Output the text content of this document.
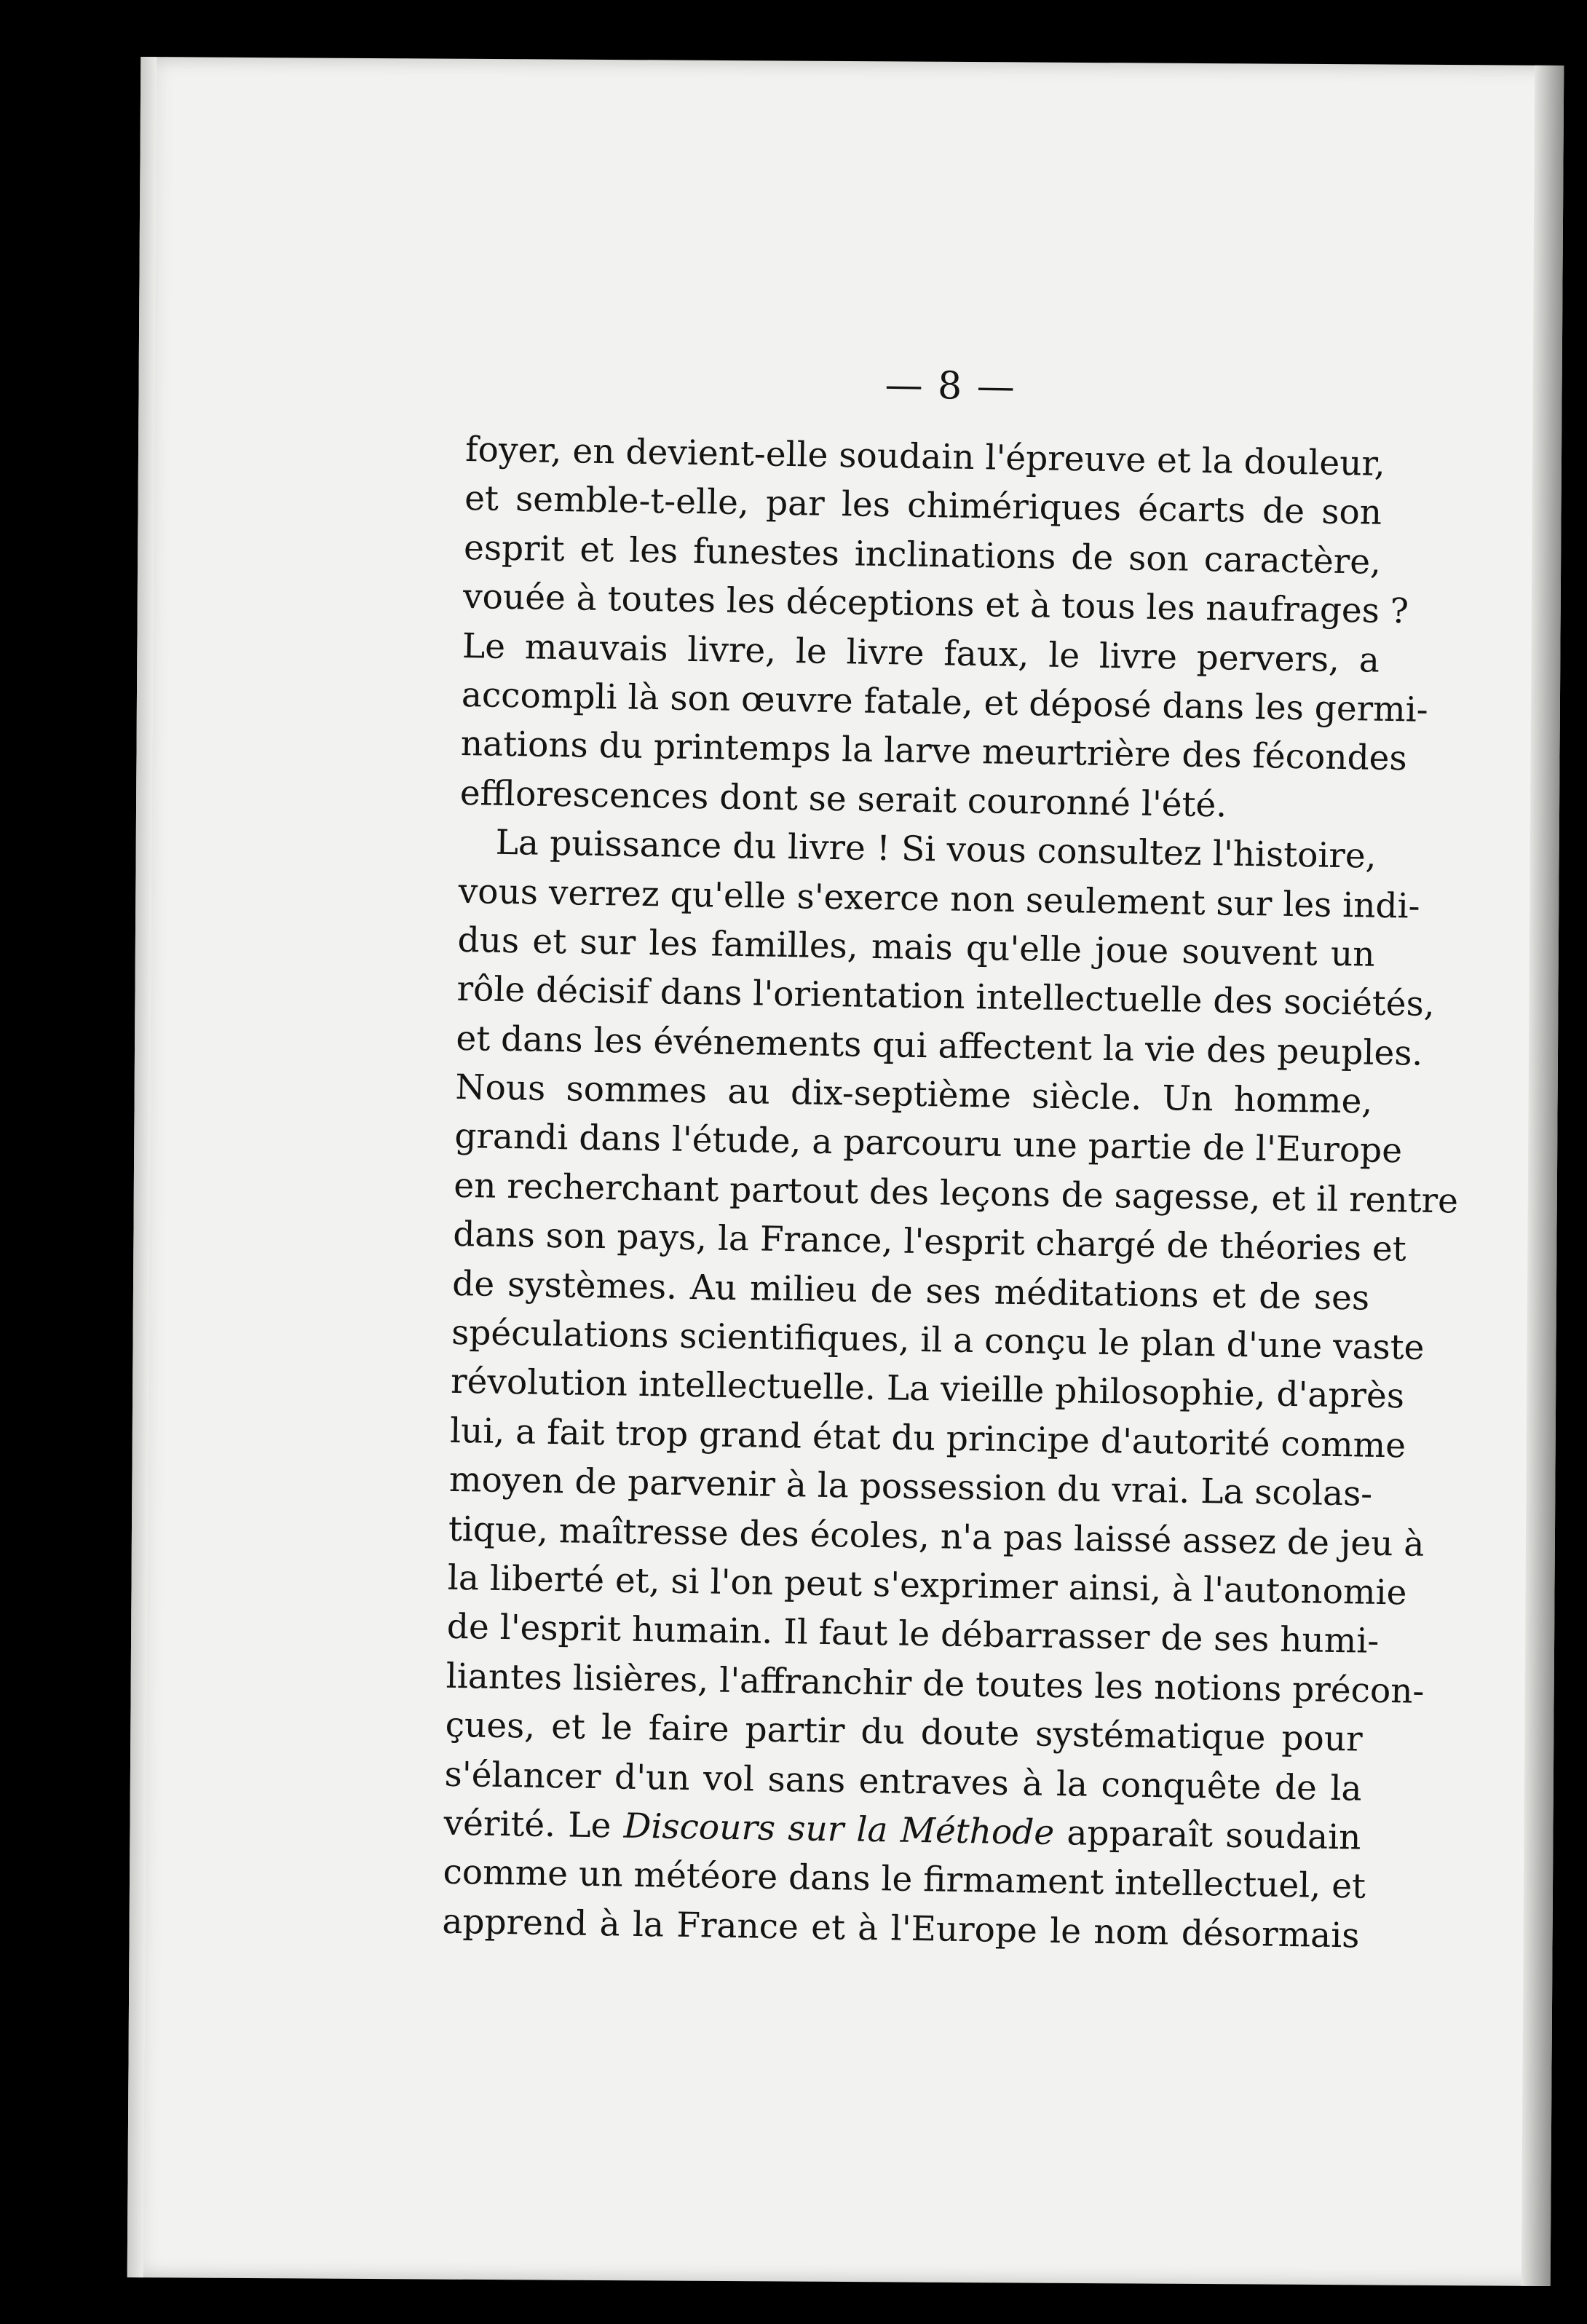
— 8 —
foyer, en devient-elle soudain l'épreuve et la douleur,
et semble-t-elle, par les chimériques écarts de son
esprit et les funestes inclinations de son caractère,
vouée à toutes les déceptions et à tous les naufrages ?
Le mauvais livre, le livre faux, le livre pervers, a
accompli là son œuvre fatale, et déposé dans les germi-
nations du printemps la larve meurtrière des fécondes
efflorescences dont se serait couronné l'été.
La puissance du livre ! Si vous consultez l'histoire,
vous verrez qu'elle s'exerce non seulement sur les indi-
dus et sur les familles, mais qu'elle joue souvent un
rôle décisif dans l'orientation intellectuelle des sociétés,
et dans les événements qui affectent la vie des peuples.
Nous sommes au dix-septième siècle. Un homme,
grandi dans l'étude, a parcouru une partie de l'Europe
en recherchant partout des leçons de sagesse, et il rentre
dans son pays, la France, l'esprit chargé de théories et
de systèmes. Au milieu de ses méditations et de ses
spéculations scientifiques, il a conçu le plan d'une vaste
révolution intellectuelle. La vieille philosophie, d'après
lui, a fait trop grand état du principe d'autorité comme
moyen de parvenir à la possession du vrai. La scolas-
tique, maîtresse des écoles, n'a pas laissé assez de jeu à
la liberté et, si l'on peut s'exprimer ainsi, à l'autonomie
de l'esprit humain. Il faut le débarrasser de ses humi-
liantes lisières, l'affranchir de toutes les notions précon-
çues, et le faire partir du doute systématique pour
s'élancer d'un vol sans entraves à la conquête de la
vérité. Le Discours sur la Méthode apparaît soudain
comme un météore dans le firmament intellectuel, et
apprend à la France et à l'Europe le nom désormais
